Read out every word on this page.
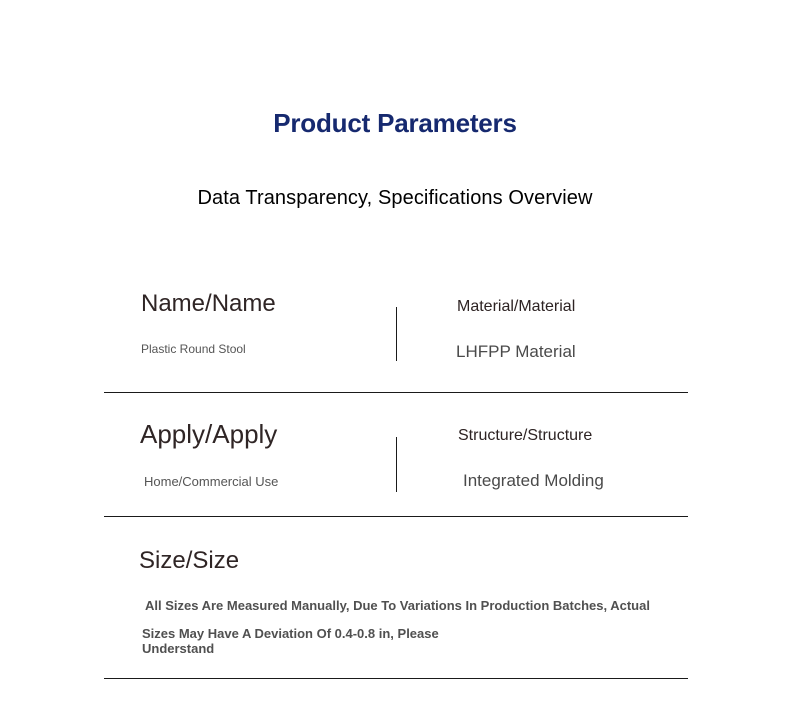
Product Parameters
Data Transparency, Specifications Overview
Name/Name
Plastic Round Stool
Material/Material
LHFPP Material
Apply/Apply
Home/Commercial Use
Structure/Structure
Integrated Molding
Size/Size
All Sizes Are Measured Manually, Due To Variations In Production Batches, Actual
Sizes May Have A Deviation Of 0.4-0.8 in, Please Understand
